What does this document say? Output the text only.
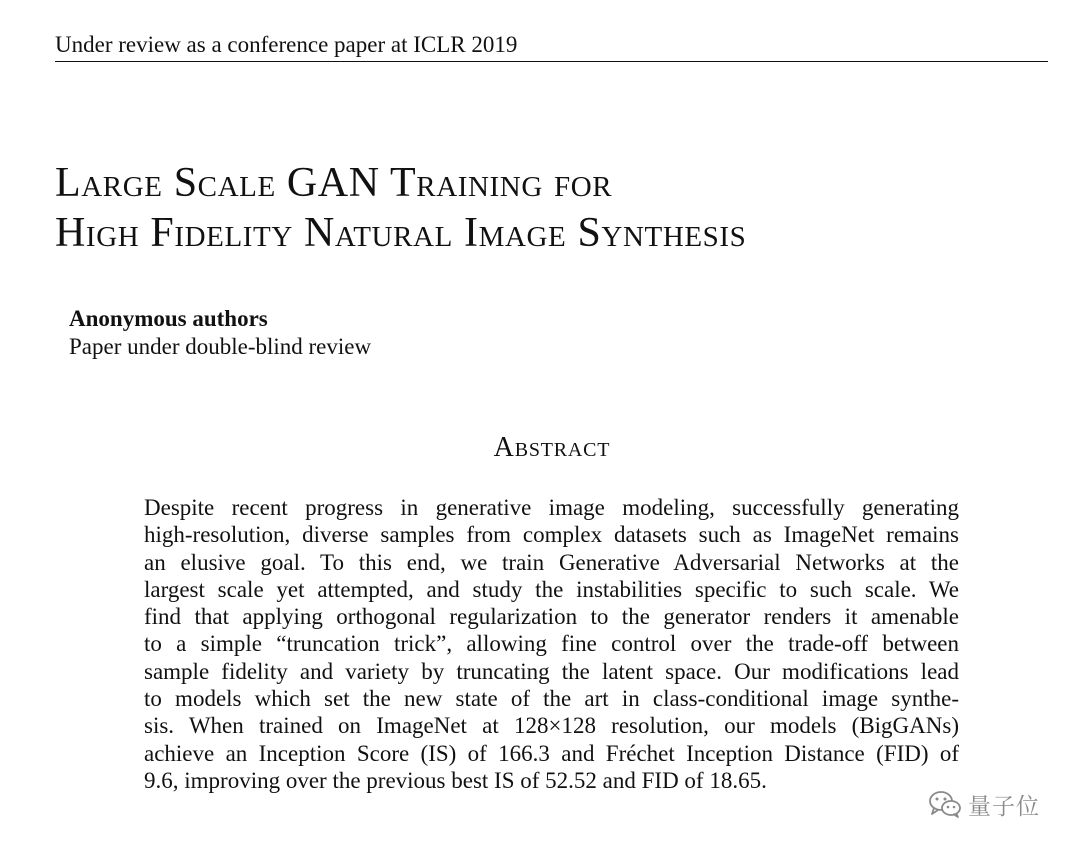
Under review as a conference paper at ICLR 2019
Large Scale GAN Training for
High Fidelity Natural Image Synthesis
Anonymous authors
Paper under double-blind review
Abstract
Despite recent progress in generative image modeling, successfully generating
high-resolution, diverse samples from complex datasets such as ImageNet remains
an elusive goal. To this end, we train Generative Adversarial Networks at the
largest scale yet attempted, and study the instabilities specific to such scale. We
find that applying orthogonal regularization to the generator renders it amenable
to a simple “truncation trick”, allowing fine control over the trade-off between
sample fidelity and variety by truncating the latent space. Our modifications lead
to models which set the new state of the art in class-conditional image synthe-
sis. When trained on ImageNet at 128×128 resolution, our models (BigGANs)
achieve an Inception Score (IS) of 166.3 and Fréchet Inception Distance (FID) of
9.6, improving over the previous best IS of 52.52 and FID of 18.65.
量子位
